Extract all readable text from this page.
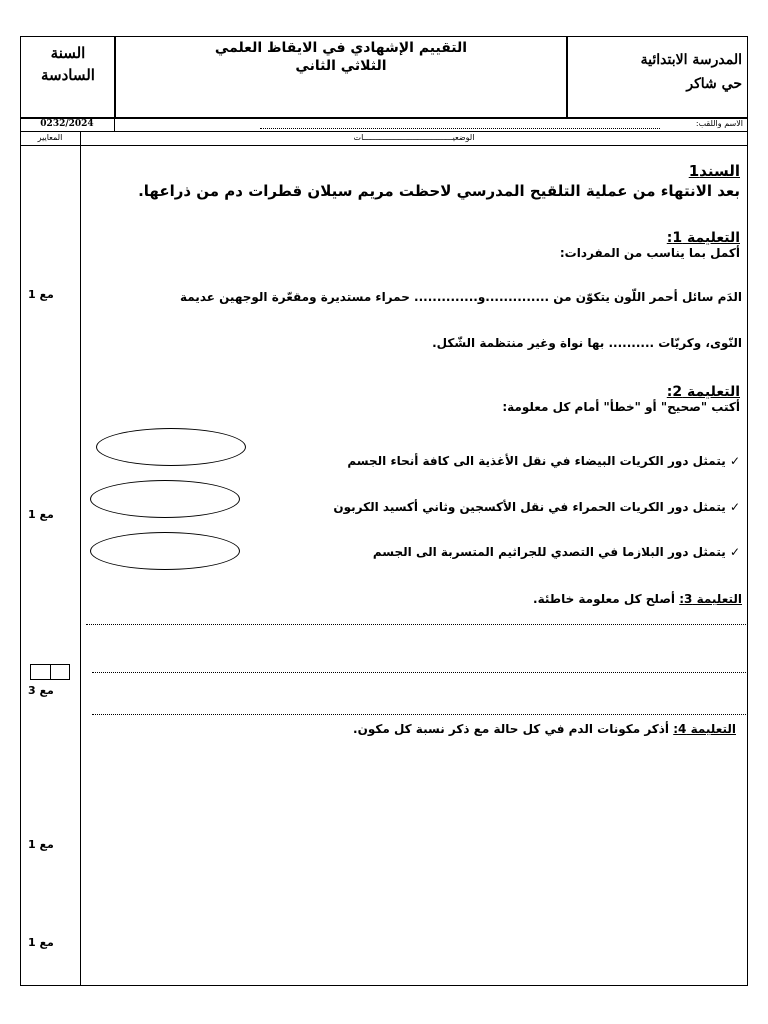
السنة
السادسة
التقييم الإشهادي في الايقاظ العلمي
الثلاثي الثاني	المدرسة الابتدائية
حي شاكر
0232/2024	الاسم واللقب:
المعايير	الوضعيــــــــــــــــــــــــــــــــــــــات
السند1
بعد الانتهاء من عملية التلقيح المدرسي لاحظت مريم سيلان قطرات دم من ذراعها.
التعليمة 1:
أكمل بما يناسب من المفردات:
الدَم سائل أحمر اللّون يتكوّن من ..............و.............. حمراء مستديرة ومقعّرة الوجهين عديمة
النّوى، وكريّات .......... بها نواة وغير منتظمة الشّكل.
التعليمة 2:
أكتب "صحيح" أو "خطأ" أمام كل معلومة:
✓ يتمثل دور الكريات البيضاء في نقل الأغذية الى كافة أنحاء الجسم
✓ يتمثل دور الكريات الحمراء في نقل الأكسجين وثاني أكسيد الكربون
✓ يتمثل دور البلازما في التصدي للجراثيم المتسربة الى الجسم
التعليمة 3: أصلح كل معلومة خاطئة.
التعليمة 4: أذكر مكونات الدم في كل حالة مع ذكر نسبة كل مكون.
مع 1
مع 1
مع 3
مع 1
مع 1
